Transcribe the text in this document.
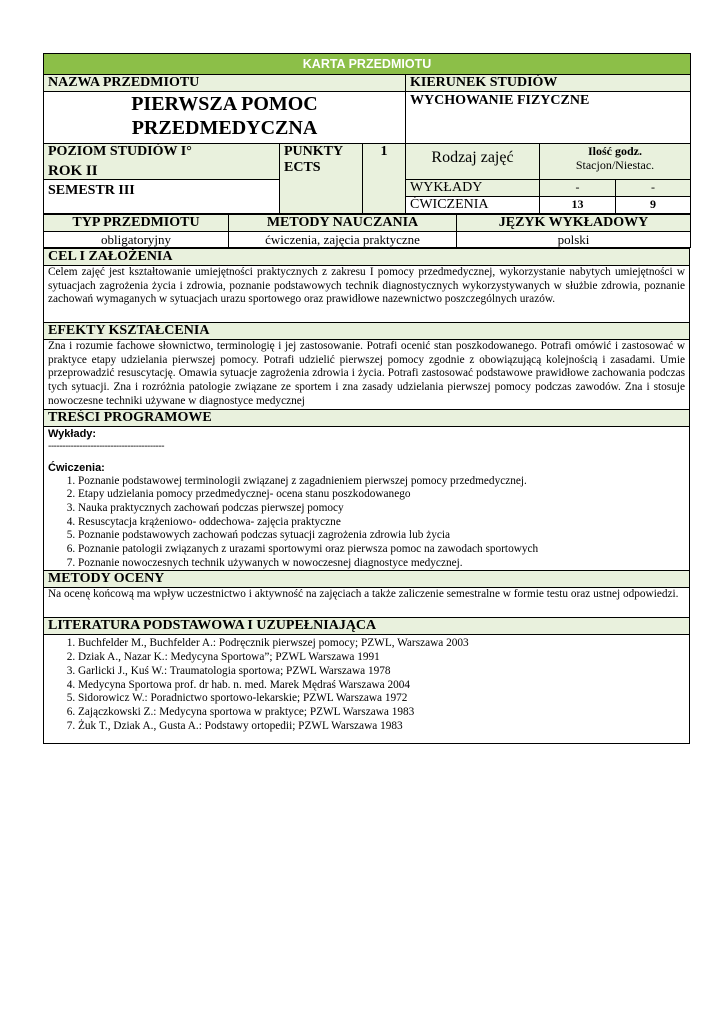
KARTA PRZEDMIOTU					
NAZWA PRZEDMIOTU			KIERUNEK STUDIÓW		
PIERWSZA POMOC PRZEDMEDYCZNA			WYCHOWANIE FIZYCZNE		
POZIOM STUDIÓW I°	PUNKTY ECTS	1	Rodzaj zajęć	Ilość godz.
Stacjon/Niestac.	

ROK II
SEMESTR III			WYKŁADY	-	-
			ĆWICZENIA	13	9
TYP PRZEDMIOTU	METODY NAUCZANIA	JĘZYK WYKŁADOWY
obligatoryjny	ćwiczenia, zajęcia praktyczne	polski
CEL I ZAŁOŻENIA
Celem zajęć jest kształtowanie umiejętności praktycznych z zakresu I pomocy przedmedycznej, wykorzystanie nabytych umiejętności w sytuacjach zagrożenia życia i zdrowia, poznanie podstawowych technik diagnostycznych wykorzystywanych w służbie zdrowia, poznanie zachowań wymaganych w sytuacjach urazu sportowego oraz prawidłowe nazewnictwo poszczególnych urazów.
EFEKTY KSZTAŁCENIA
Zna i rozumie fachowe słownictwo, terminologię i jej zastosowanie. Potrafi ocenić stan poszkodowanego. Potrafi omówić i zastosować w praktyce etapy udzielania pierwszej pomocy. Potrafi udzielić pierwszej pomocy zgodnie z obowiązującą kolejnością i zasadami. Umie przeprowadzić resuscytację. Omawia sytuacje zagrożenia zdrowia i życia. Potrafi zastosować podstawowe prawidłowe zachowania podczas tych sytuacji. Zna i rozróżnia patologie związane ze sportem i zna zasady udzielania pierwszej pomocy podczas zawodów. Zna i stosuje nowoczesne techniki używane w diagnostyce medycznej
TREŚCI PROGRAMOWE

Wykłady:
-----------------------------------------
Ćwiczenia:
1. Poznanie podstawowej terminologii związanej z zagadnieniem pierwszej pomocy przedmedycznej.
2. Etapy udzielania pomocy przedmedycznej- ocena stanu poszkodowanego
3. Nauka praktycznych zachowań podczas pierwszej pomocy
4. Resuscytacja krążeniowo- oddechowa- zajęcia praktyczne
5. Poznanie podstawowych zachowań podczas sytuacji zagrożenia zdrowia lub życia
6. Poznanie patologii związanych z urazami sportowymi oraz pierwsza pomoc na zawodach sportowych
7. Poznanie nowoczesnych technik używanych w nowoczesnej diagnostyce medycznej.

METODY OCENY
Na ocenę końcową ma wpływ uczestnictwo i aktywność na zajęciach a także zaliczenie semestralne w formie testu oraz ustnej odpowiedzi.
LITERATURA PODSTAWOWA I UZUPEŁNIAJĄCA

1. Buchfelder M., Buchfelder A.: Podręcznik pierwszej pomocy; PZWL, Warszawa 2003
2. Dziak A., Nazar K.: Medycyna Sportowa”; PZWL Warszawa 1991
3. Garlicki J., Kuś W.: Traumatologia sportowa; PZWL Warszawa 1978
4. Medycyna Sportowa prof. dr hab. n. med. Marek Mędraś Warszawa 2004
5. Sidorowicz W.: Poradnictwo sportowo-lekarskie; PZWL Warszawa 1972
6. Zajączkowski Z.: Medycyna sportowa w praktyce; PZWL Warszawa 1983
7. Żuk T., Dziak A., Gusta A.: Podstawy ortopedii; PZWL Warszawa 1983
